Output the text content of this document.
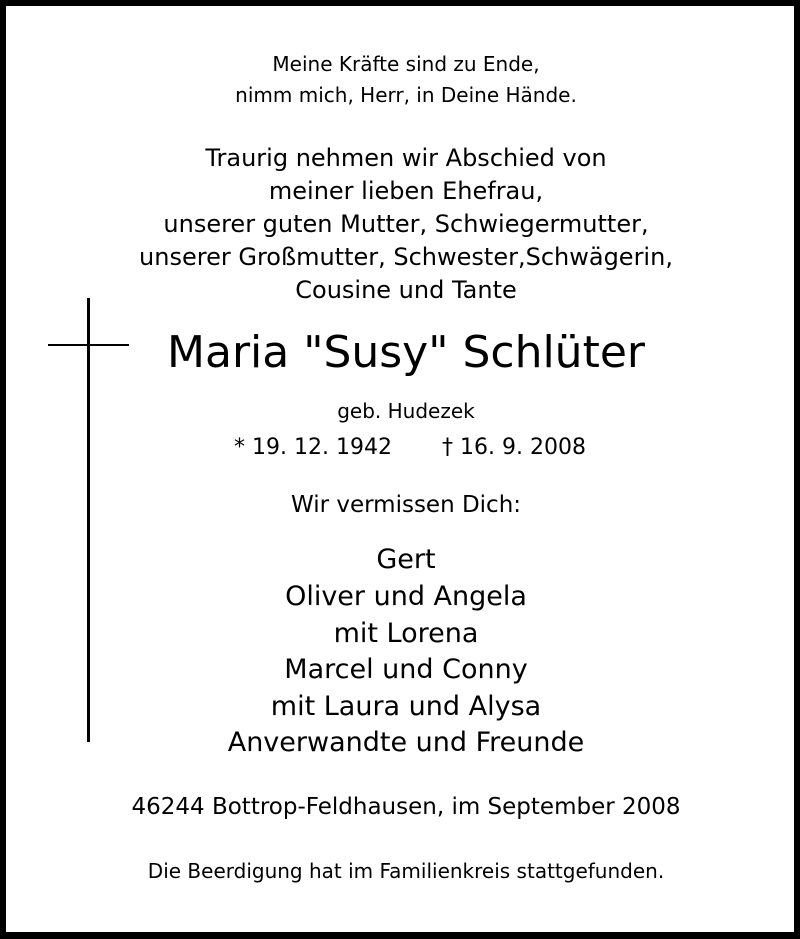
Meine Kräfte sind zu Ende,
nimm mich, Herr, in Deine Hände.
Traurig nehmen wir Abschied von
meiner lieben Ehefrau,
unserer guten Mutter, Schwiegermutter,
unserer Großmutter, Schwester,Schwägerin,
Cousine und Tante
Maria "Susy" Schlüter
geb. Hudezek
* 19. 12. 1942 † 16. 9. 2008
Wir vermissen Dich:
Gert
Oliver und Angela
mit Lorena
Marcel und Conny
mit Laura und Alysa
Anverwandte und Freunde
46244 Bottrop-Feldhausen, im September 2008
Die Beerdigung hat im Familienkreis stattgefunden.
